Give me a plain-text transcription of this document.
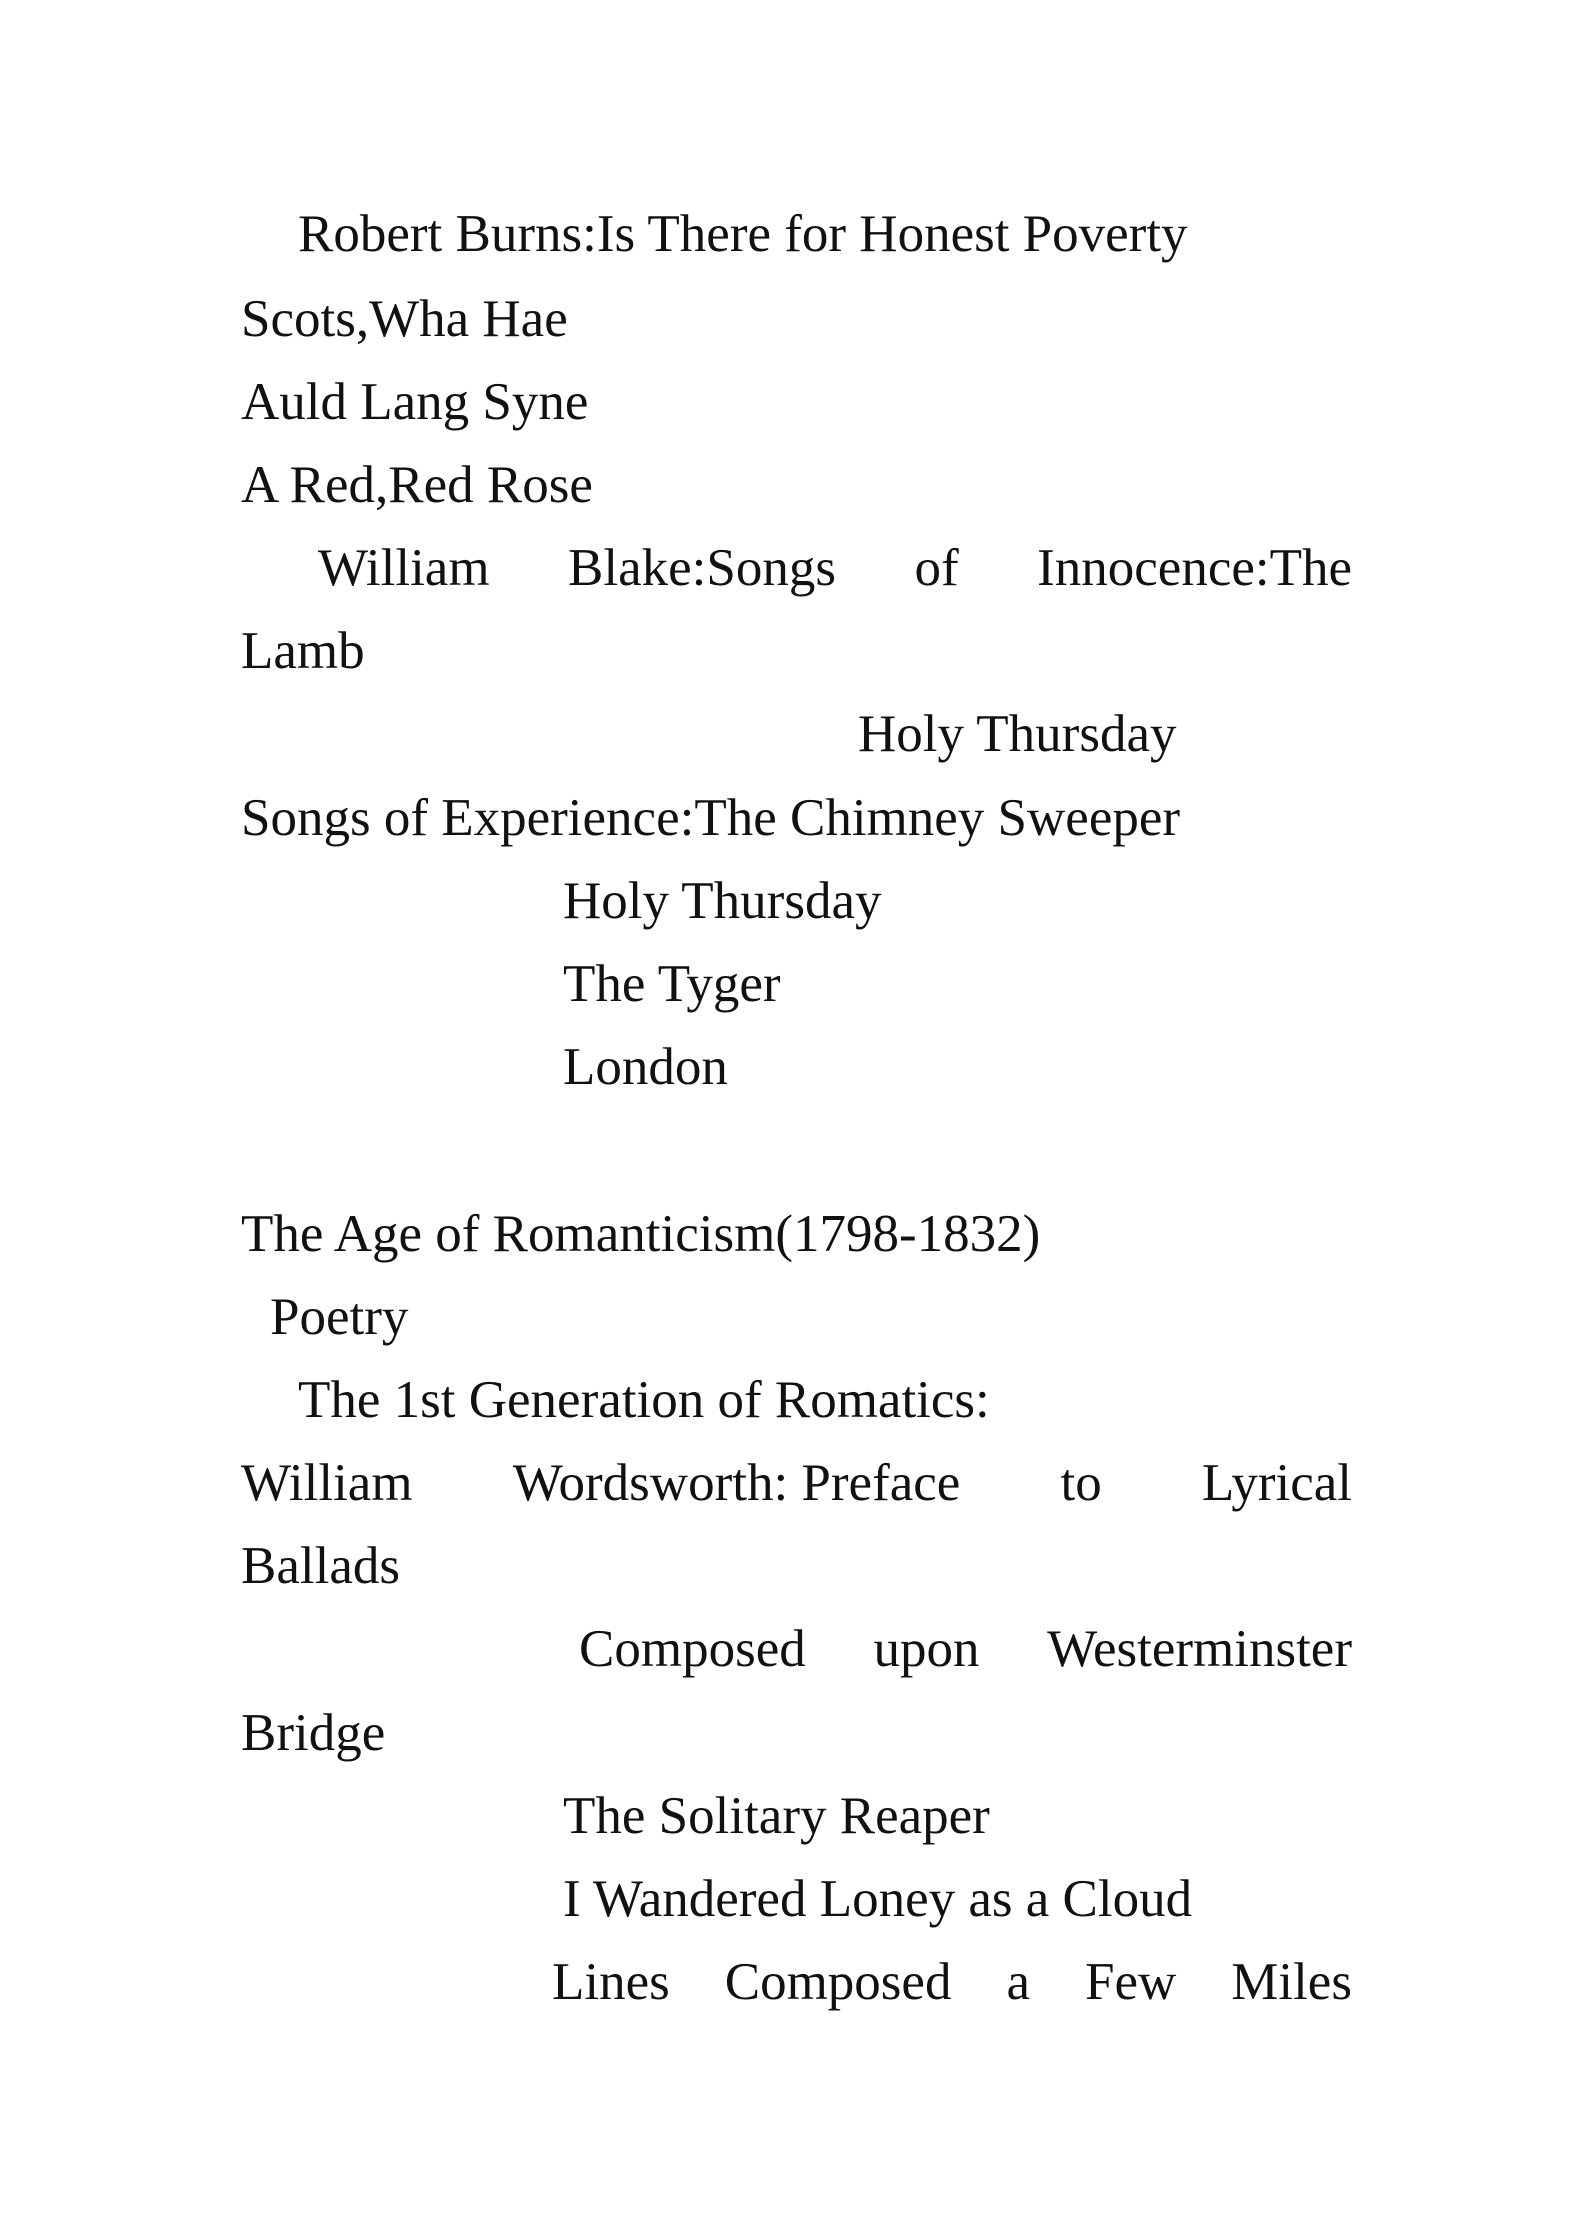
Robert Burns:Is There for Honest Poverty
Scots,Wha Hae
Auld Lang Syne
A Red,Red Rose
William Blake:Songs of Innocence:The
Lamb
Holy Thursday
Songs of Experience:The Chimney Sweeper
Holy Thursday
The Tyger
London
The Age of Romanticism(1798-1832)
Poetry
The 1st Generation of Romatics:
William Wordsworth: Preface to Lyrical
Ballads
Composed upon Westerminster
Bridge
The Solitary Reaper
I Wandered Loney as a Cloud
Lines Composed a Few Miles
